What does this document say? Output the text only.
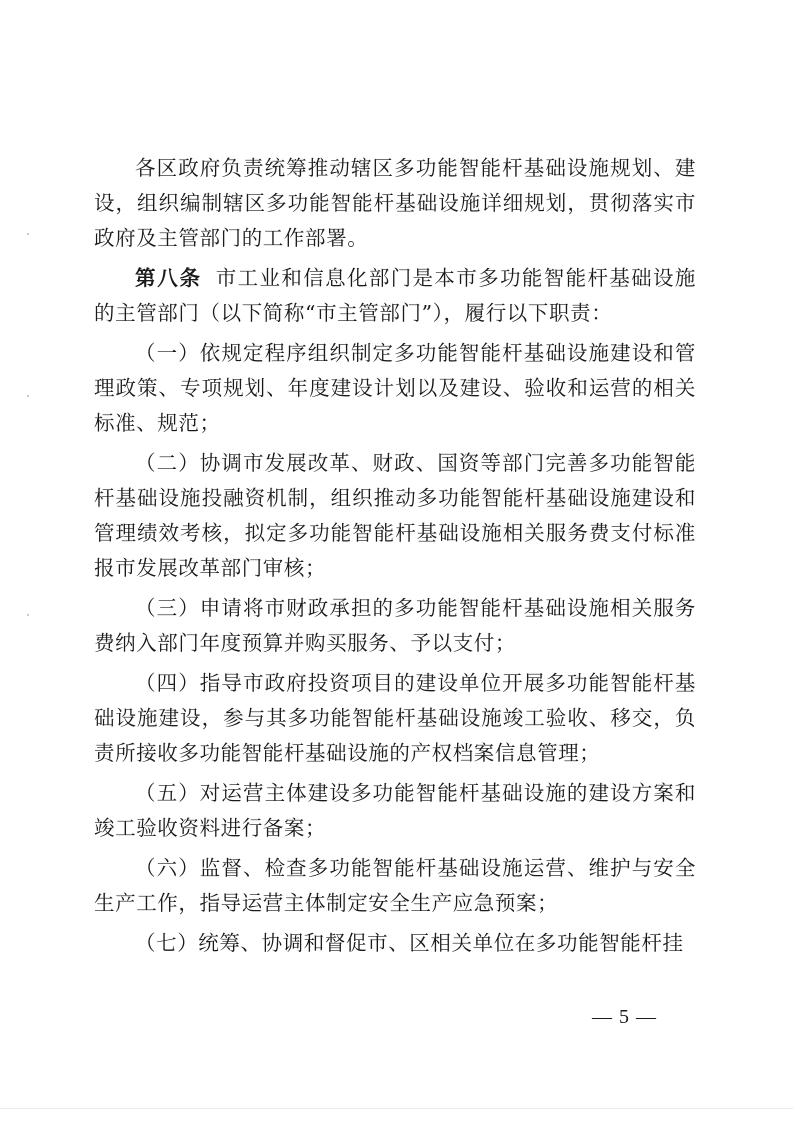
各区政府负责统筹推动辖区多功能智能杆基础设施规划、建设，组织编制辖区多功能智能杆基础设施详细规划，贯彻落实市政府及主管部门的工作部署。

第八条 市工业和信息化部门是本市多功能智能杆基础设施的主管部门（以下简称“市主管部门”），履行以下职责：

（一）依规定程序组织制定多功能智能杆基础设施建设和管理政策、专项规划、年度建设计划以及建设、验收和运营的相关标准、规范；

（二）协调市发展改革、财政、国资等部门完善多功能智能杆基础设施投融资机制，组织推动多功能智能杆基础设施建设和管理绩效考核，拟定多功能智能杆基础设施相关服务费支付标准报市发展改革部门审核；

（三）申请将市财政承担的多功能智能杆基础设施相关服务费纳入部门年度预算并购买服务、予以支付；

（四）指导市政府投资项目的建设单位开展多功能智能杆基础设施建设，参与其多功能智能杆基础设施竣工验收、移交，负责所接收多功能智能杆基础设施的产权档案信息管理；

（五）对运营主体建设多功能智能杆基础设施的建设方案和竣工验收资料进行备案；

（六）监督、检查多功能智能杆基础设施运营、维护与安全生产工作，指导运营主体制定安全生产应急预案；

（七）统筹、协调和督促市、区相关单位在多功能智能杆挂

— 5 —
